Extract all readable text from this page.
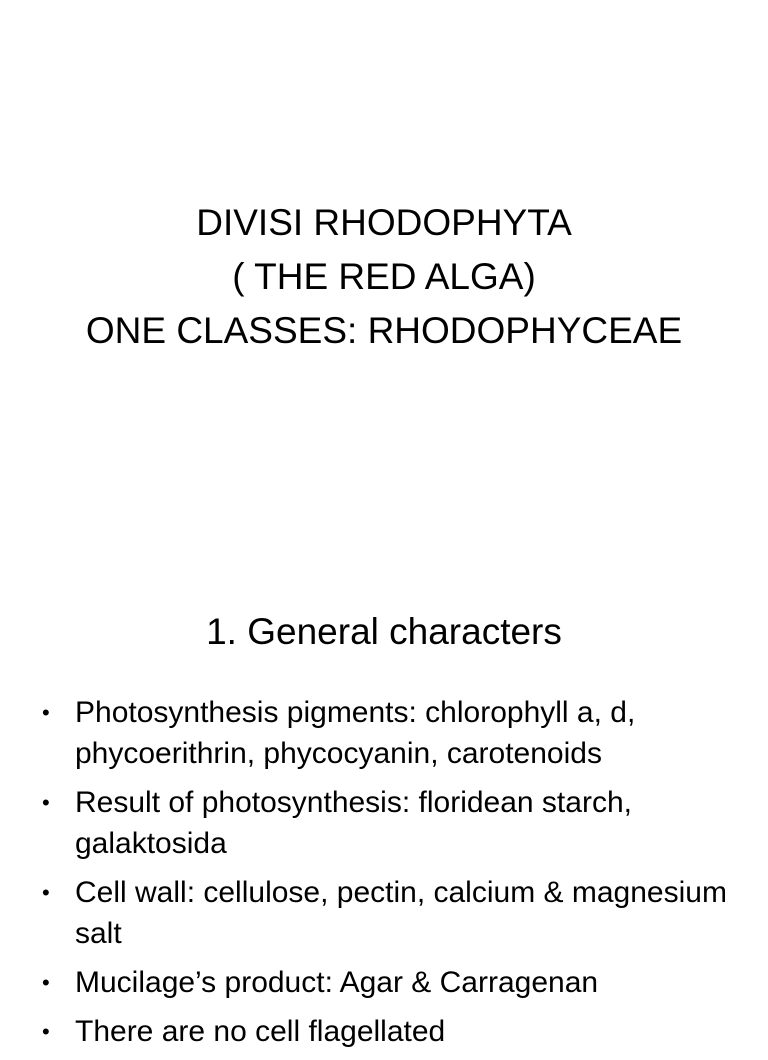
DIVISI RHODOPHYTA
( THE RED ALGA)
ONE CLASSES: RHODOPHYCEAE
1. General characters
• Photosynthesis pigments: chlorophyll a, d, phycoerithrin, phycocyanin, carotenoids
• Result of photosynthesis: floridean starch, galaktosida
• Cell wall: cellulose, pectin, calcium & magnesium salt
• Mucilage’s product: Agar & Carragenan
• There are no cell flagellated
